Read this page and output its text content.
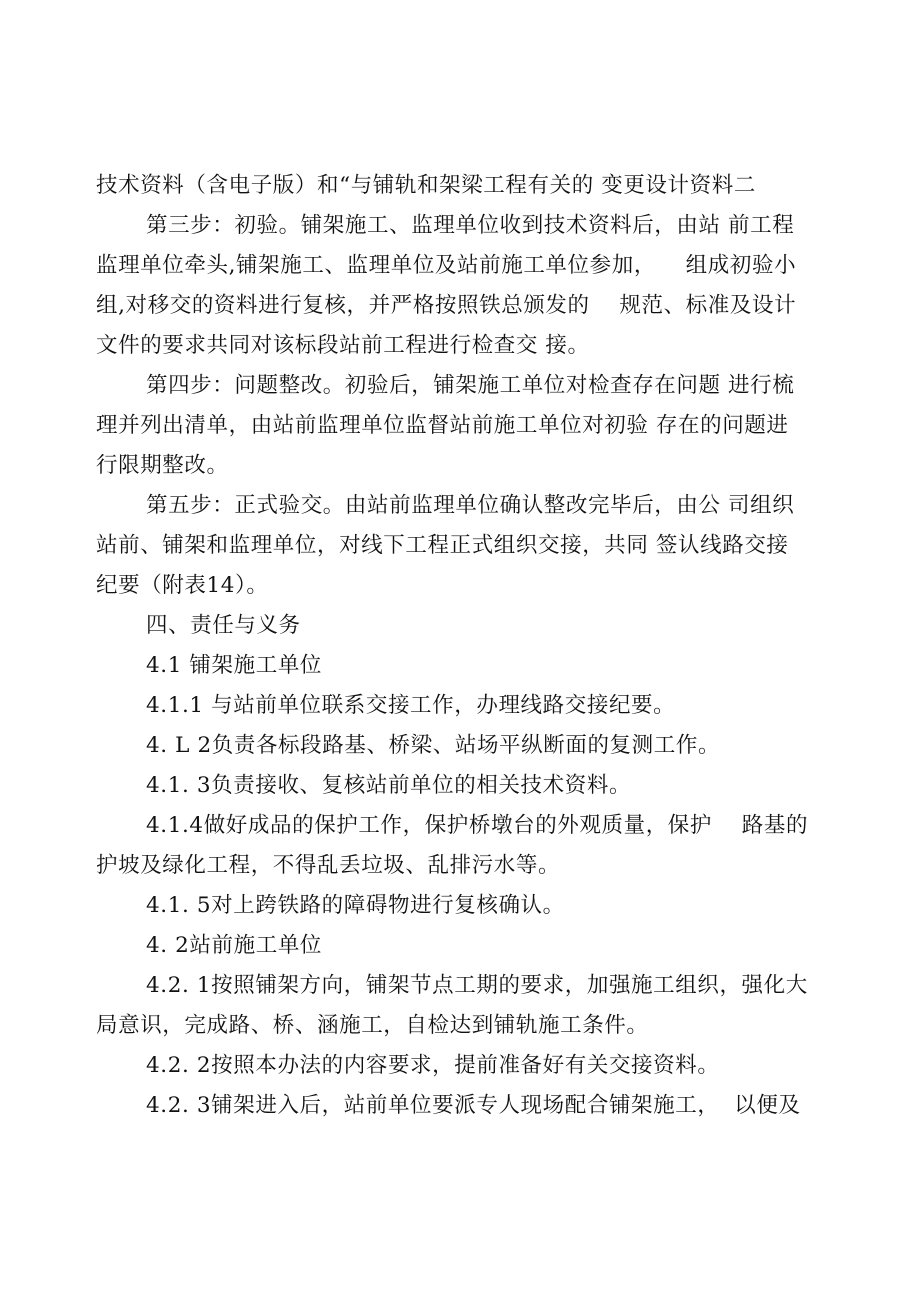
技术资料（含电子版）和“与铺轨和架梁工程有关的 变更设计资料二
第三步：初验。铺架施工、监理单位收到技术资料后，由站 前工程
监理单位牵头,铺架施工、监理单位及站前施工单位参加，    组成初验小
组,对移交的资料进行复核，并严格按照铁总颁发的    规范、标准及设计
文件的要求共同对该标段站前工程进行检查交 接。
第四步：问题整改。初验后，铺架施工单位对检查存在问题 进行梳
理并列出清单，由站前监理单位监督站前施工单位对初验 存在的问题进
行限期整改。
第五步：正式验交。由站前监理单位确认整改完毕后，由公 司组织
站前、铺架和监理单位，对线下工程正式组织交接，共同 签认线路交接
纪要（附表14）。
四、责任与义务
4.1 铺架施工单位
4.1.1 与站前单位联系交接工作，办理线路交接纪要。
4. L 2负责各标段路基、桥梁、站场平纵断面的复测工作。
4.1. 3负责接收、复核站前单位的相关技术资料。
4.1.4做好成品的保护工作，保护桥墩台的外观质量，保护    路基的
护坡及绿化工程，不得乱丢垃圾、乱排污水等。
4.1. 5对上跨铁路的障碍物进行复核确认。
4. 2站前施工单位
4.2. 1按照铺架方向，铺架节点工期的要求，加强施工组织，强化大
局意识，完成路、桥、涵施工，自检达到铺轨施工条件。
4.2. 2按照本办法的内容要求，提前准备好有关交接资料。
4.2. 3铺架进入后，站前单位要派专人现场配合铺架施工，  以便及
